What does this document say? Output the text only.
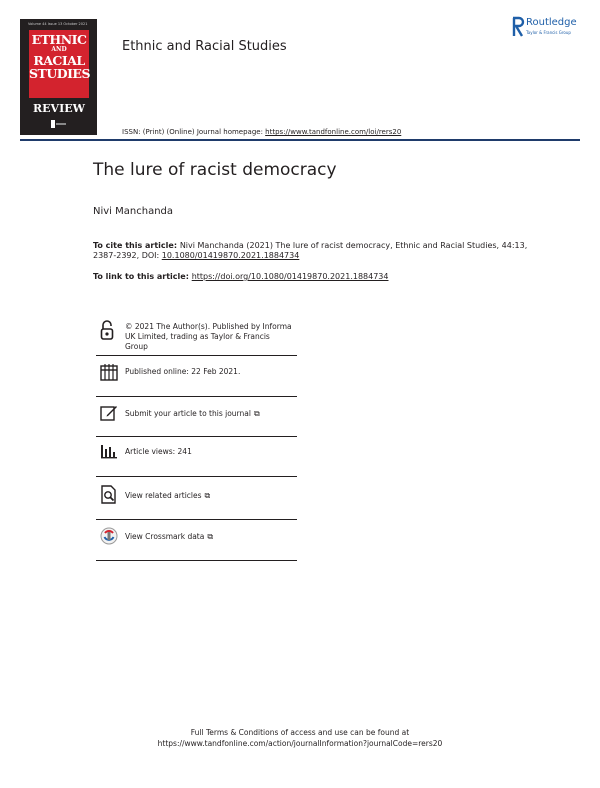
Volume 44 Issue 13 October 2021
ETHNIC
AND
RACIAL
STUDIES
REVIEW
Ethnic and Racial Studies
Routledge
Taylor & Francis Group
ISSN: (Print) (Online) Journal homepage: https://www.tandfonline.com/loi/rers20
The lure of racist democracy
Nivi Manchanda
To cite this article: Nivi Manchanda (2021) The lure of racist democracy, Ethnic and Racial Studies, 44:13, 2387-2392, DOI: 10.1080/01419870.2021.1884734
To link to this article: https://doi.org/10.1080/01419870.2021.1884734
© 2021 The Author(s). Published by Informa
UK Limited, trading as Taylor & Francis
Group
Published online: 22 Feb 2021.
Submit your article to this journal ⧉
Article views: 241
View related articles ⧉
View Crossmark data ⧉
Full Terms & Conditions of access and use can be found at
https://www.tandfonline.com/action/journalInformation?journalCode=rers20
